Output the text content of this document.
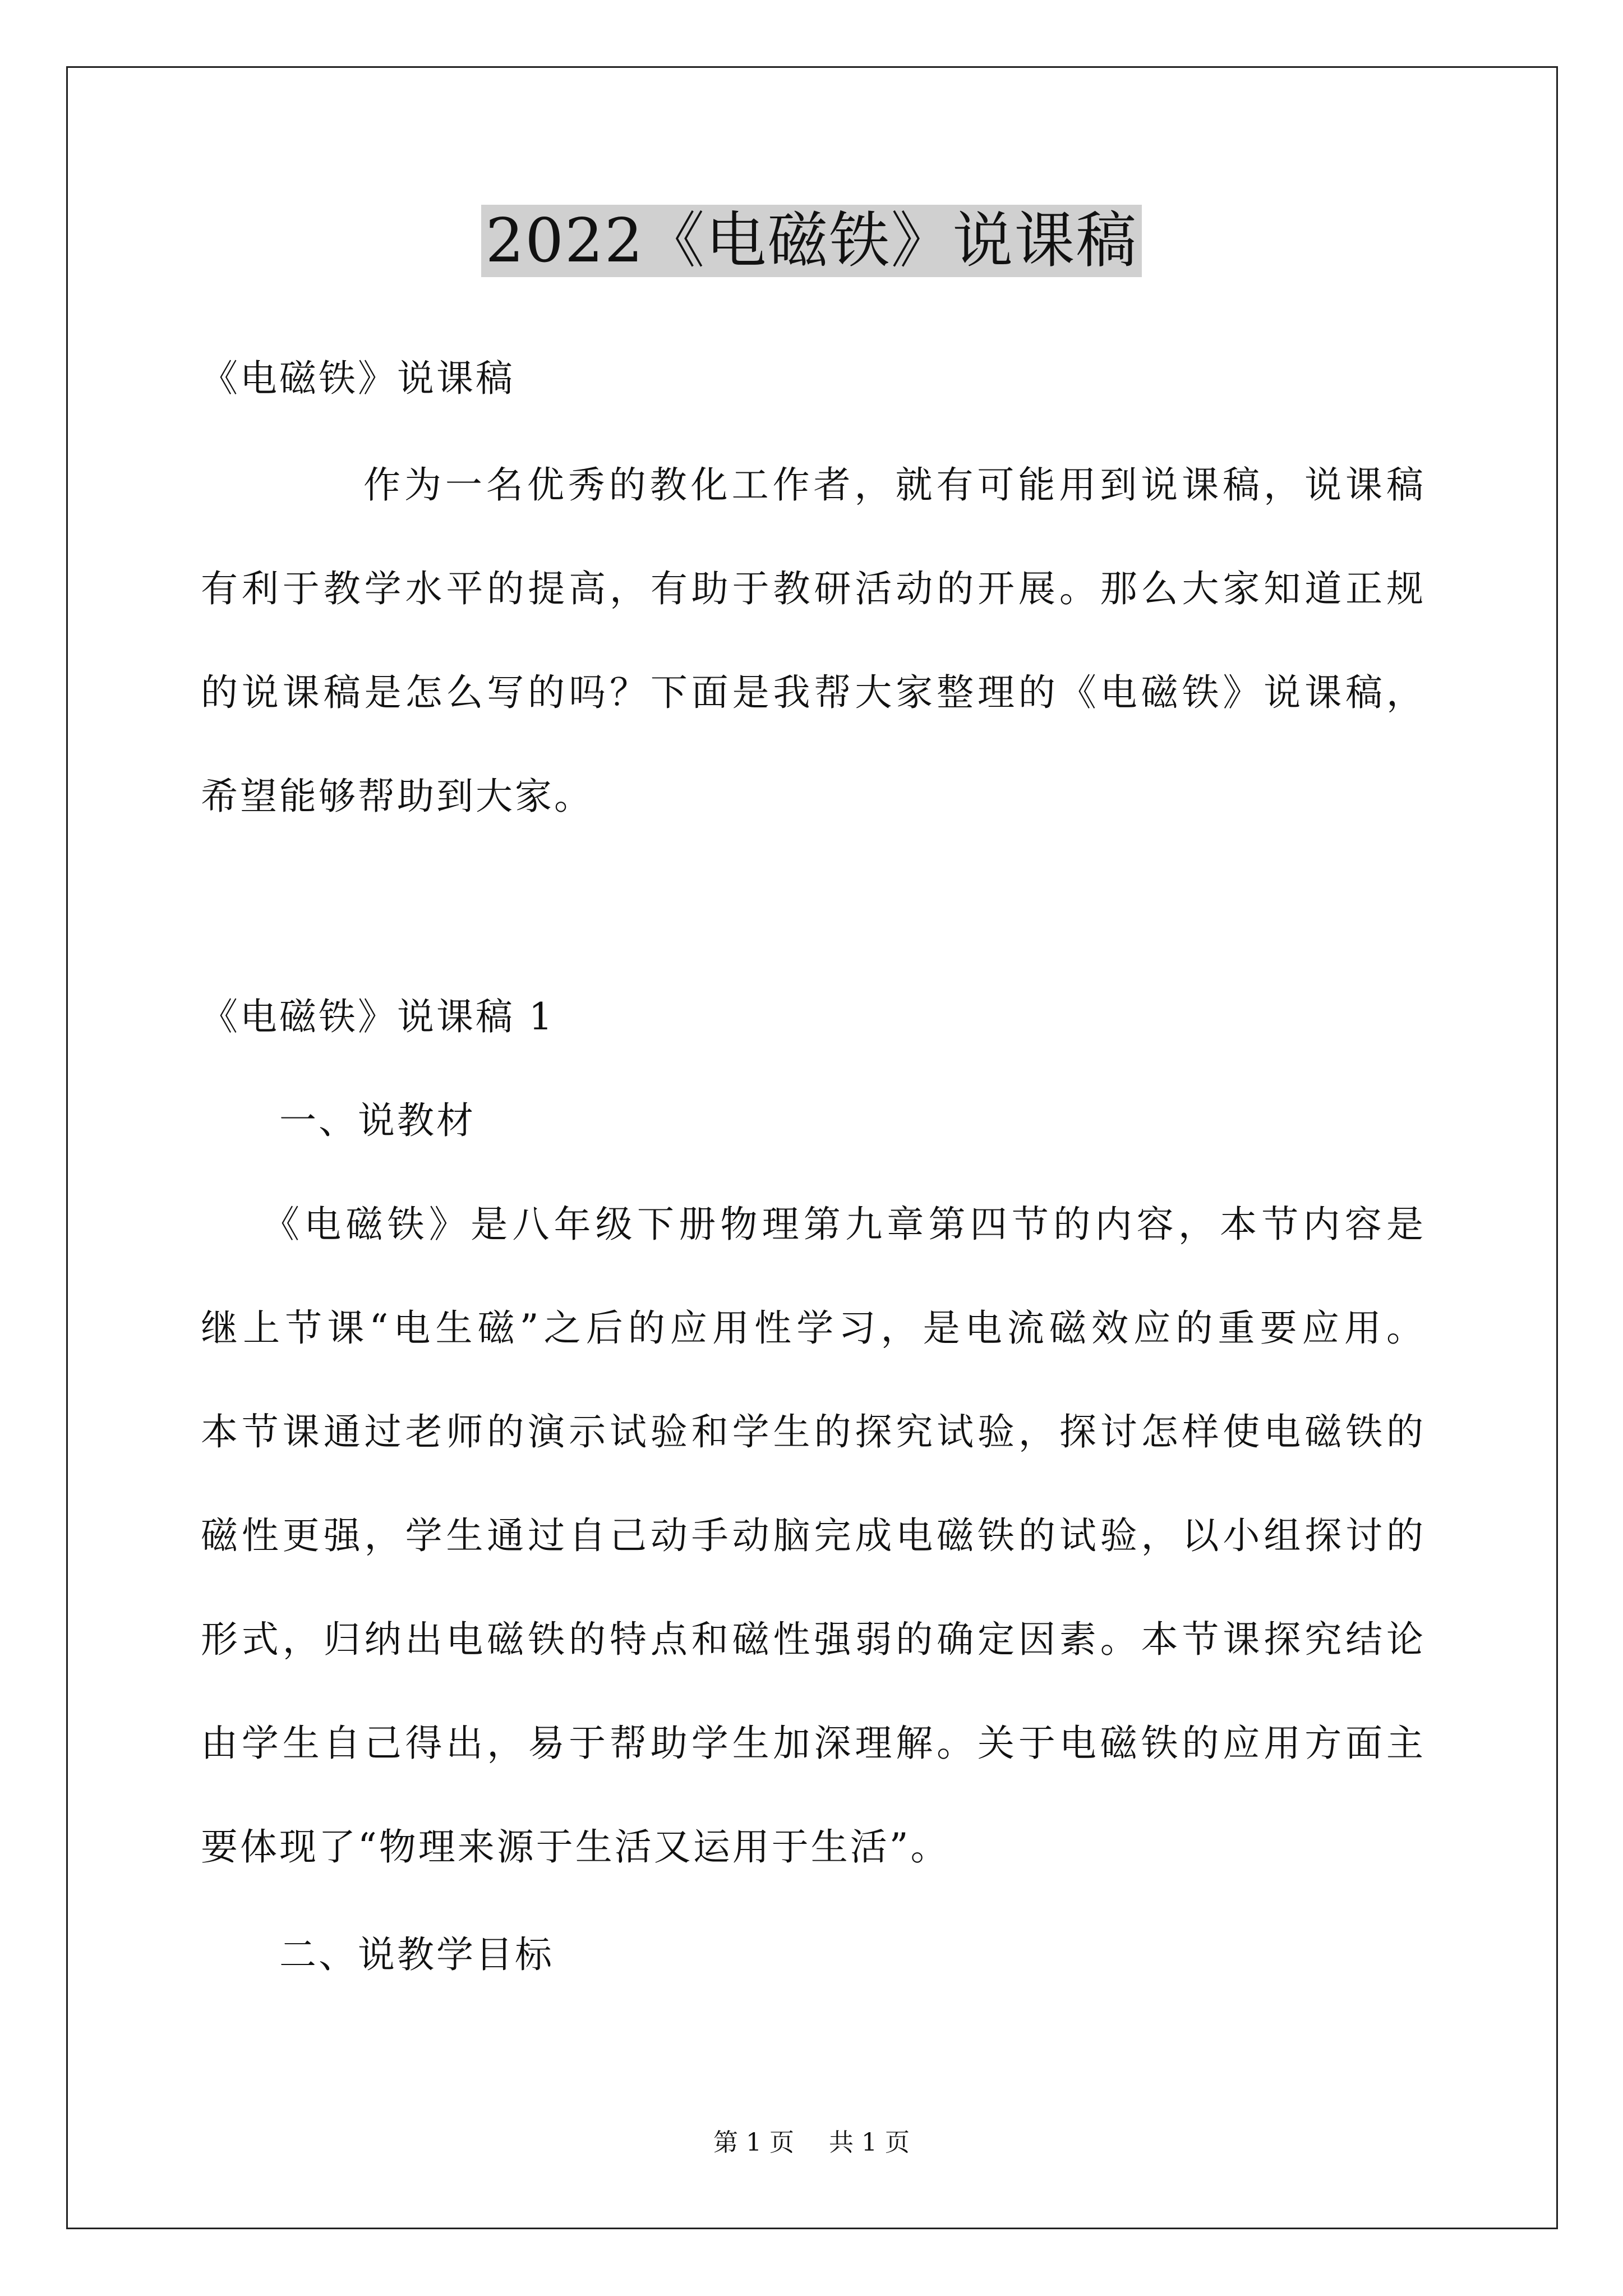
2022《电磁铁》说课稿
《电磁铁》说课稿
作为一名优秀的教化工作者，就有可能用到说课稿，说课稿
有利于教学水平的提高，有助于教研活动的开展。那么大家知道正规
的说课稿是怎么写的吗？下面是我帮大家整理的《电磁铁》说课稿，
希望能够帮助到大家。
《电磁铁》说课稿 1
一、说教材
《电磁铁》是八年级下册物理第九章第四节的内容，本节内容是
继上节课“电生磁”之后的应用性学习，是电流磁效应的重要应用。
本节课通过老师的演示试验和学生的探究试验，探讨怎样使电磁铁的
磁性更强，学生通过自己动手动脑完成电磁铁的试验，以小组探讨的
形式，归纳出电磁铁的特点和磁性强弱的确定因素。本节课探究结论
由学生自己得出，易于帮助学生加深理解。关于电磁铁的应用方面主
要体现了“物理来源于生活又运用于生活”。
二、说教学目标
第 1 页 共 1 页
